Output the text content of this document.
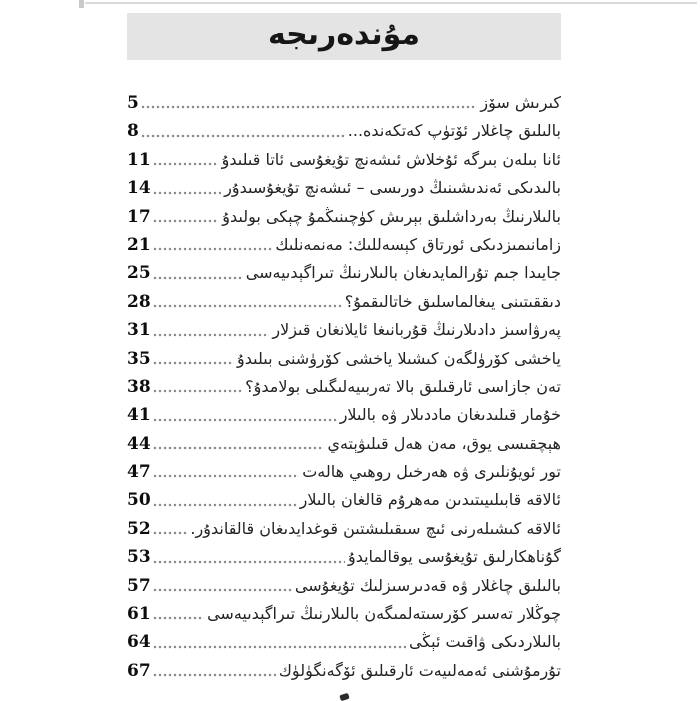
مۇندەرىجە
5	كىرىش سۆز
8	بالىلىق چاغلار ئۆتۈپ كەتكەندە...
11	ئانا بىلەن بىرگە ئۇخلاش ئىشەنچ تۇيغۇسى ئاتا قىلىدۇ
14	بالىدىكى ئەندىشىنىڭ دورىسى – ئىشەنچ تۇيغۇسىدۇر
17	بالىلارنىڭ بەرداشلىق بېرىش كۈچىنىڭمۇ چېكى بولىدۇ
21	زامانىمىزدىكى ئورتاق كېسەللىك: مەنمەنلىك
25	جايىدا جىم تۇرالمايدىغان بالىلارنىڭ تىراگېدىيەسى
28	دىققىتىنى يىغالماسلىق خاتالىقمۇ؟
31	پەرۋاسىز دادىلارنىڭ قۇربانىغا ئايلانغان قىزلار
35	ياخشى كۆرۈلگەن كىشىلا ياخشى كۆرۈشنى بىلىدۇ
38	تەن جازاسى ئارقىلىق بالا تەربىيەلىگىلى بولامدۇ؟
41	خۇمار قىلىدىغان ماددىلار ۋە بالىلار
44	ھېچقىسى يوق، مەن ھەل قىلىۋېتەي
47	تور ئويۇنلىرى ۋە ھەرخىل روھىي ھالەت
50	ئالاقە قابىلىيىتىدىن مەھرۇم قالغان بالىلار
52 ئالاقە كىشىلەرنى ئىچ سىقىلىشتىن قوغدايدىغان قالقاندۇر.
53	گۇناھكارلىق تۇيغۇسى يوقالمايدۇ
57	بالىلىق چاغلار ۋە قەدىرسىزلىك تۇيغۇسى
61	چوڭلار تەسىر كۆرسىتەلمىگەن بالىلارنىڭ تىراگېدىيەسى
64	بالىلاردىكى ۋاقىت ئېڭى
67	تۇرمۇشنى ئەمەلىيەت ئارقىلىق ئۆگەنگۈلۈك
